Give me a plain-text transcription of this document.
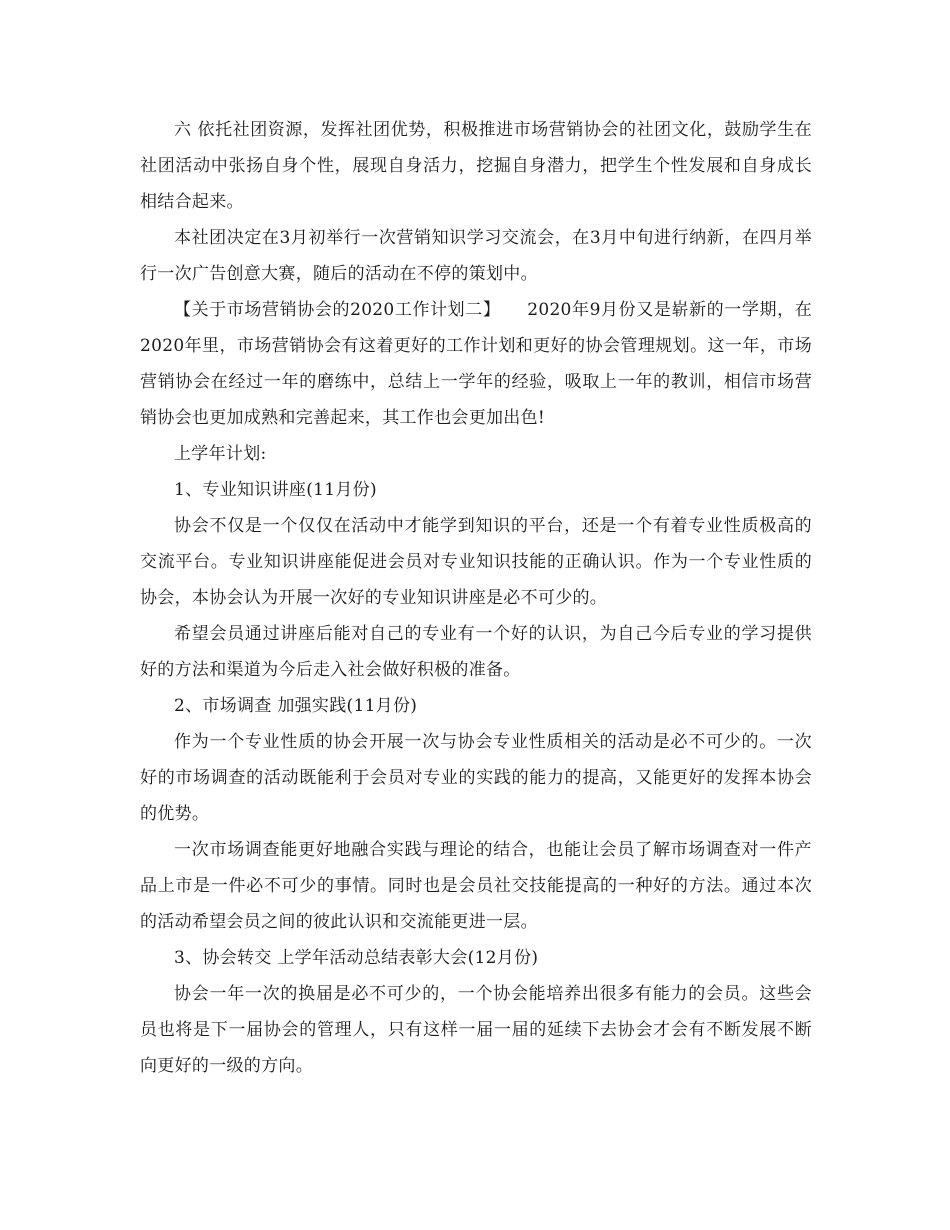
六 依托社团资源，发挥社团优势，积极推进市场营销协会的社团文化，鼓励学生在社团活动中张扬自身个性，展现自身活力，挖掘自身潜力，把学生个性发展和自身成长相结合起来。

本社团决定在3月初举行一次营销知识学习交流会，在3月中旬进行纳新，在四月举行一次广告创意大赛，随后的活动在不停的策划中。

【关于市场营销协会的2020工作计划二】　　2020年9月份又是崭新的一学期，在2020年里，市场营销协会有这着更好的工作计划和更好的协会管理规划。这一年，市场营销协会在经过一年的磨练中，总结上一学年的经验，吸取上一年的教训，相信市场营销协会也更加成熟和完善起来，其工作也会更加出色!

上学年计划:

1、专业知识讲座(11月份)

协会不仅是一个仅仅在活动中才能学到知识的平台，还是一个有着专业性质极高的交流平台。专业知识讲座能促进会员对专业知识技能的正确认识。作为一个专业性质的协会，本协会认为开展一次好的专业知识讲座是必不可少的。

希望会员通过讲座后能对自己的专业有一个好的认识，为自己今后专业的学习提供好的方法和渠道为今后走入社会做好积极的准备。

2、市场调查 加强实践(11月份)

作为一个专业性质的协会开展一次与协会专业性质相关的活动是必不可少的。一次好的市场调查的活动既能利于会员对专业的实践的能力的提高，又能更好的发挥本协会的优势。

一次市场调查能更好地融合实践与理论的结合，也能让会员了解市场调查对一件产品上市是一件必不可少的事情。同时也是会员社交技能提高的一种好的方法。通过本次的活动希望会员之间的彼此认识和交流能更进一层。

3、协会转交 上学年活动总结表彰大会(12月份)

协会一年一次的换届是必不可少的，一个协会能培养出很多有能力的会员。这些会员也将是下一届协会的管理人，只有这样一届一届的延续下去协会才会有不断发展不断向更好的一级的方向。
